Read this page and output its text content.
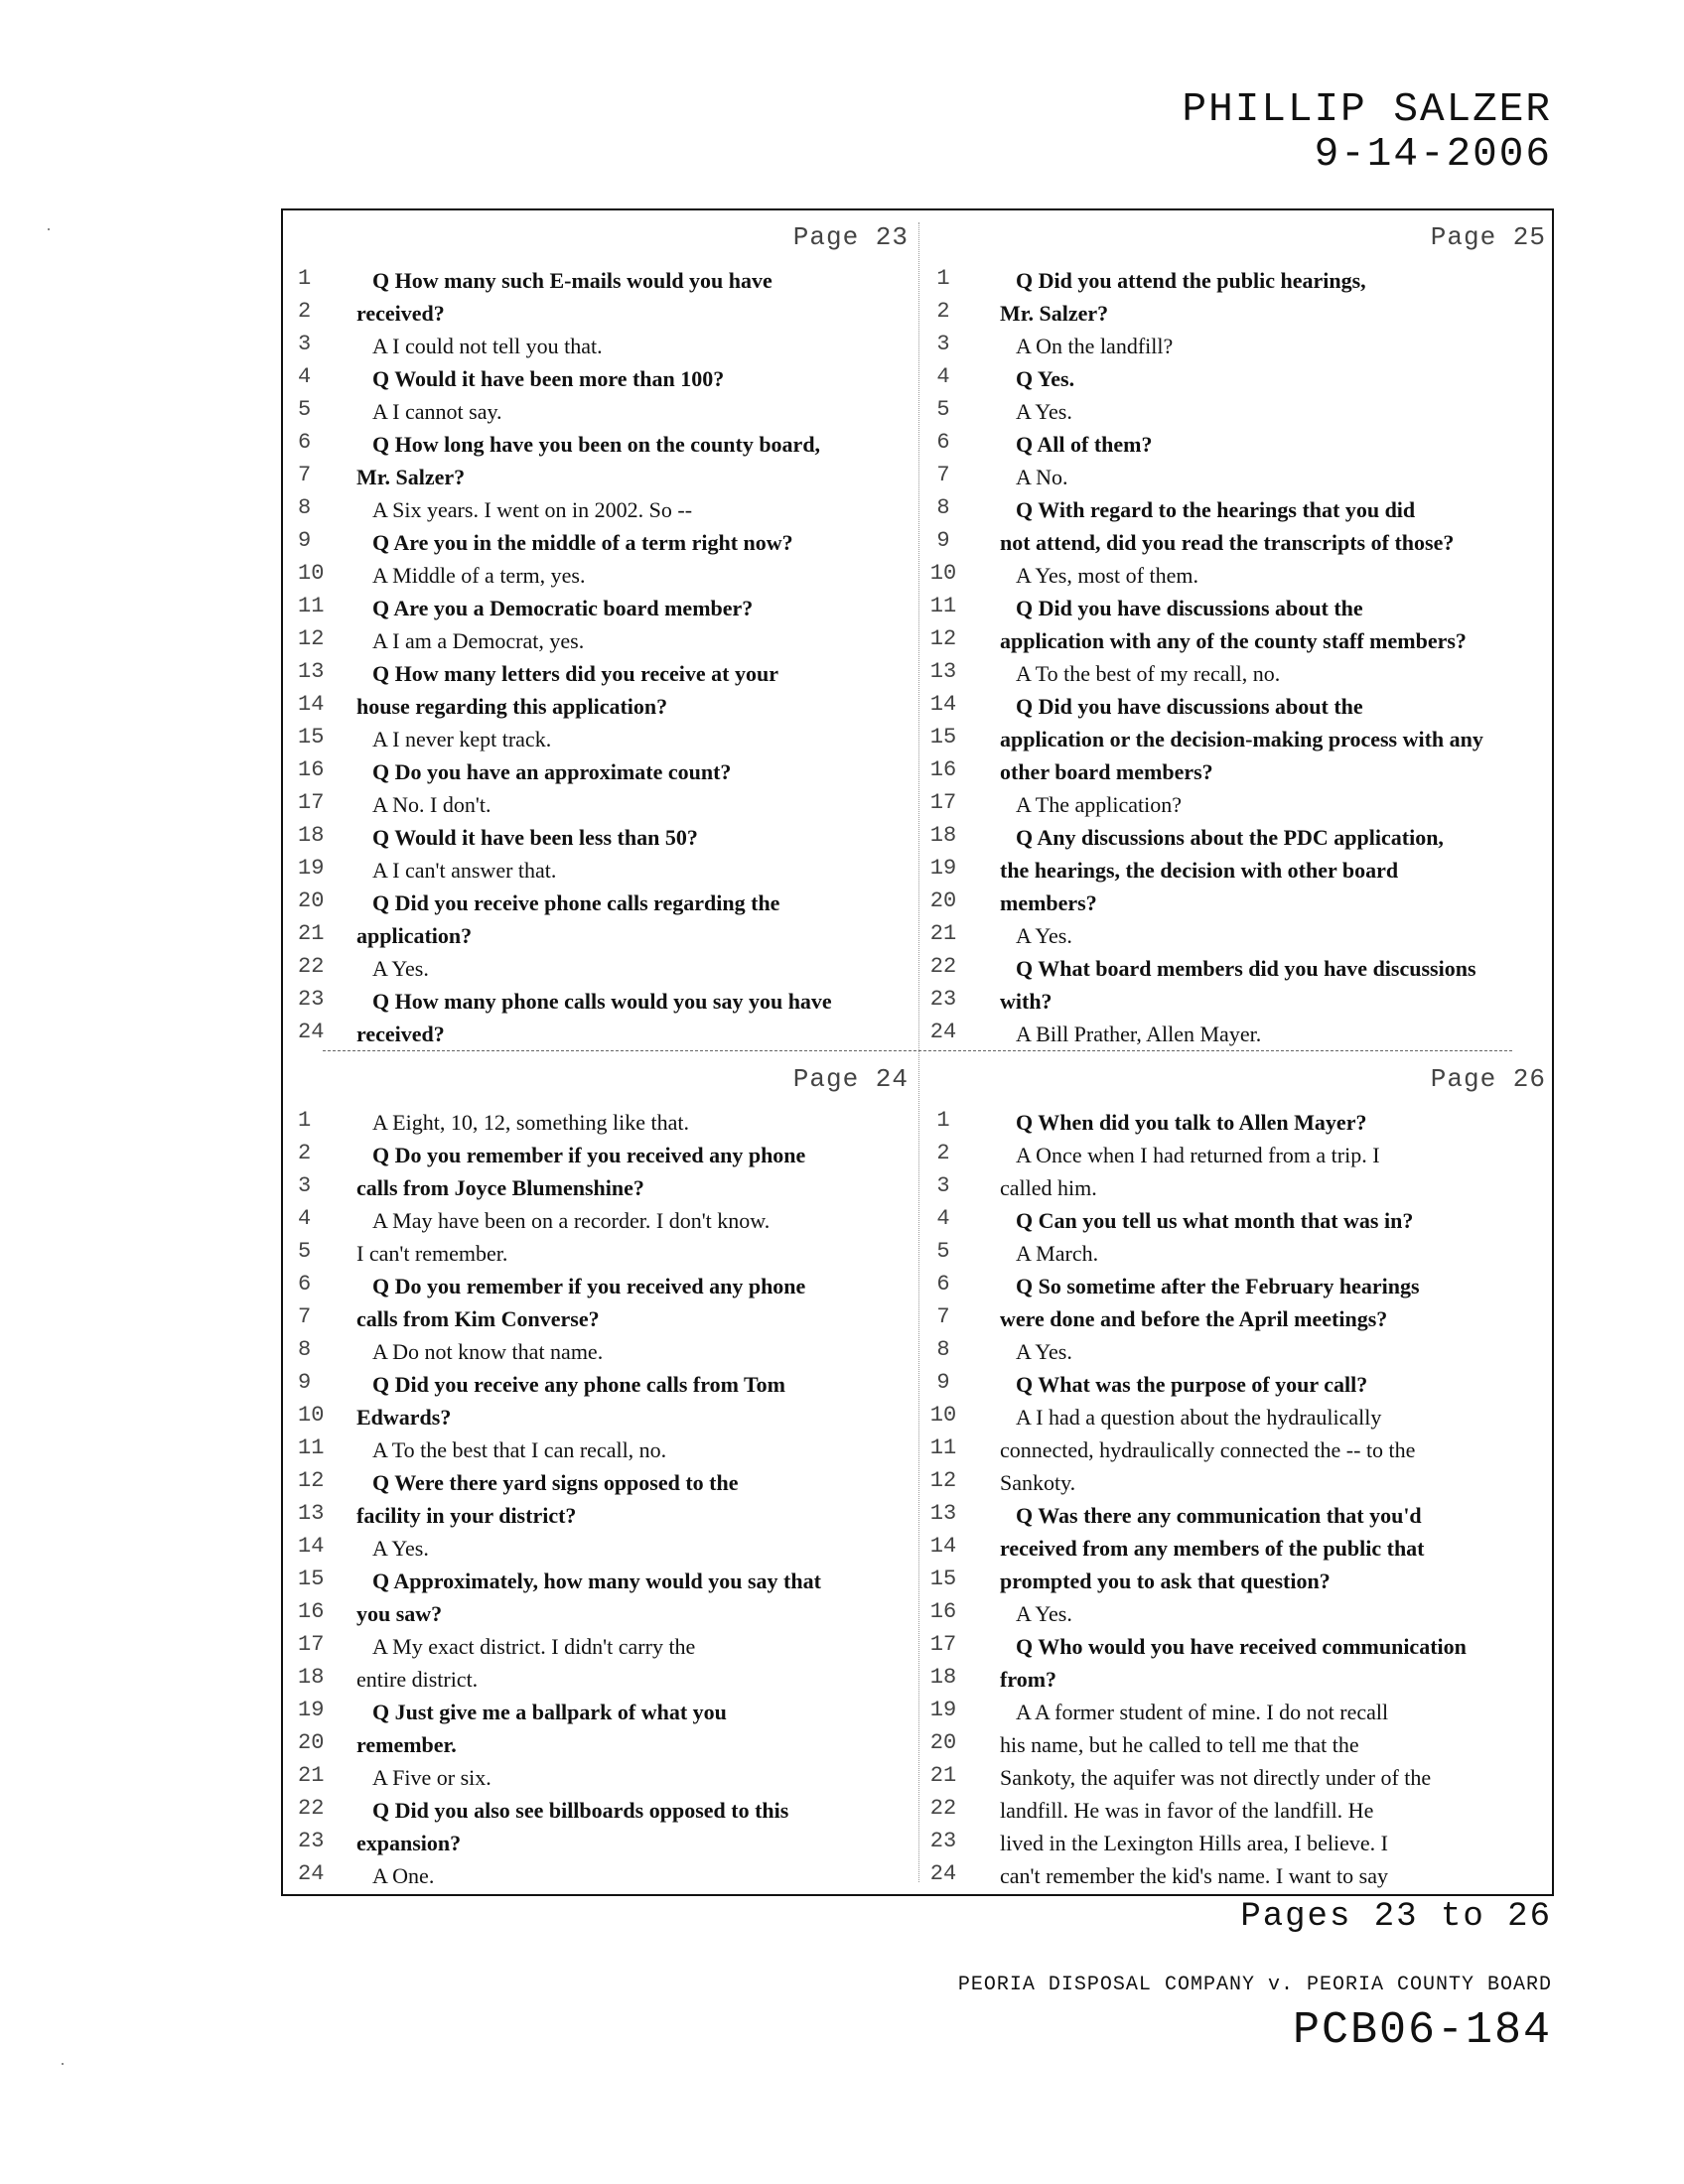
PHILLIP SALZER
9-14-2006
Page 23
1	Q How many such E-mails would you have
2	received?
3	A I could not tell you that.
4	Q Would it have been more than 100?
5	A I cannot say.
6	Q How long have you been on the county board,
7	Mr. Salzer?
8	A Six years. I went on in 2002. So --
9	Q Are you in the middle of a term right now?
10	A Middle of a term, yes.
11	Q Are you a Democratic board member?
12	A I am a Democrat, yes.
13	Q How many letters did you receive at your
14 house regarding this application?
15	A I never kept track.
16	Q Do you have an approximate count?
17	A No. I don't.
18	Q Would it have been less than 50?
19	A I can't answer that.
20	Q Did you receive phone calls regarding the
21 application?
22	A Yes.
23	Q How many phone calls would you say you have
24 received?
Page 25
1	Q Did you attend the public hearings,
2	Mr. Salzer?
3	A On the landfill?
4	Q Yes.
5	A Yes.
6	Q All of them?
7	A No.
8	Q With regard to the hearings that you did
9	not attend, did you read the transcripts of those?
10	A Yes, most of them.
11	Q Did you have discussions about the
12	application with any of the county staff members?
13	A To the best of my recall, no.
14	Q Did you have discussions about the
15	application or the decision-making process with any
16	other board members?
17	A The application?
18	Q Any discussions about the PDC application,
19	the hearings, the decision with other board
20	members?
21	A Yes.
22	Q What board members did you have discussions
23	with?
24	A Bill Prather, Allen Mayer.
Page 24
1	A Eight, 10, 12, something like that.
2	Q Do you remember if you received any phone
3	calls from Joyce Blumenshine?
4	A May have been on a recorder. I don't know.
5	I can't remember.
6	Q Do you remember if you received any phone
7	calls from Kim Converse?
8	A Do not know that name.
9	Q Did you receive any phone calls from Tom
10 Edwards?
11	A To the best that I can recall, no.
12	Q Were there yard signs opposed to the
13 facility in your district?
14	A Yes.
15	Q Approximately, how many would you say that
16 you saw?
17	A My exact district. I didn't carry the
18 entire district.
19	Q Just give me a ballpark of what you
20 remember.
21	A Five or six.
22	Q Did you also see billboards opposed to this
23 expansion?
24	A One.
Page 26
1	Q When did you talk to Allen Mayer?
2	A Once when I had returned from a trip. I
3	called him.
4	Q Can you tell us what month that was in?
5	A March.
6	Q So sometime after the February hearings
7	were done and before the April meetings?
8	A Yes.
9	Q What was the purpose of your call?
10	A I had a question about the hydraulically
11	connected, hydraulically connected the -- to the
12	Sankoty.
13	Q Was there any communication that you'd
14	received from any members of the public that
15	prompted you to ask that question?
16	A Yes.
17	Q Who would you have received communication
18	from?
19	A A former student of mine. I do not recall
20	his name, but he called to tell me that the
21	Sankoty, the aquifer was not directly under of the
22	landfill. He was in favor of the landfill. He
23	lived in the Lexington Hills area, I believe. I
24	can't remember the kid's name. I want to say
Pages 23 to 26
PEORIA DISPOSAL COMPANY v. PEORIA COUNTY BOARD
PCB06-184
